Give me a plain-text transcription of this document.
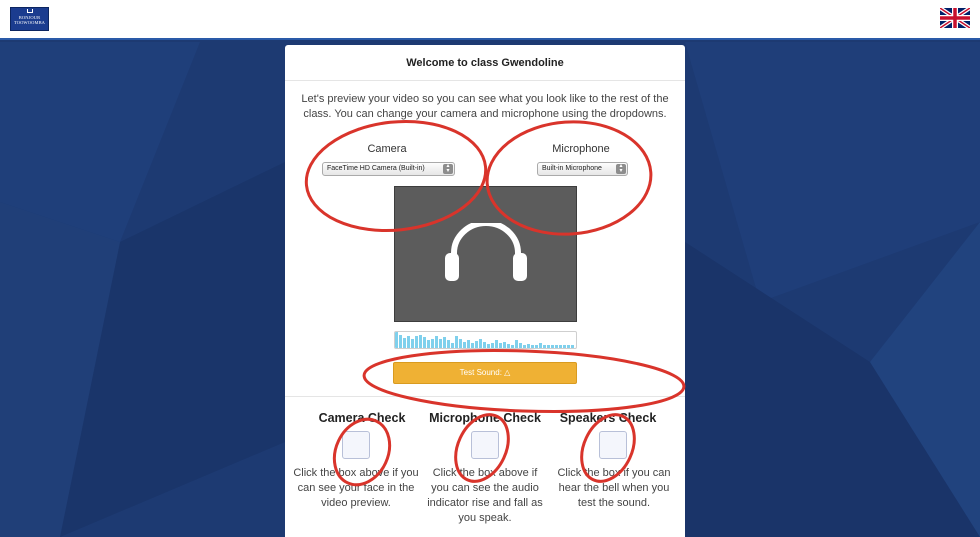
BONJOUR
TOOWOOMBA
Welcome to class Gwendoline
Let's preview your video so you can see what you look like to the rest of the class. You can change your camera and microphone using the dropdowns.
Camera
FaceTime HD Camera (Built-in)	▴
▾
Microphone
Built-in Microphone	▴
▾
Test Sound: △
Camera Check
Click the box above if you can see your face in the video preview.
Microphone Check
Click the box above if you can see the audio indicator rise and fall as you speak.
Speakers Check
Click the box if you can hear the bell when you test the sound.
